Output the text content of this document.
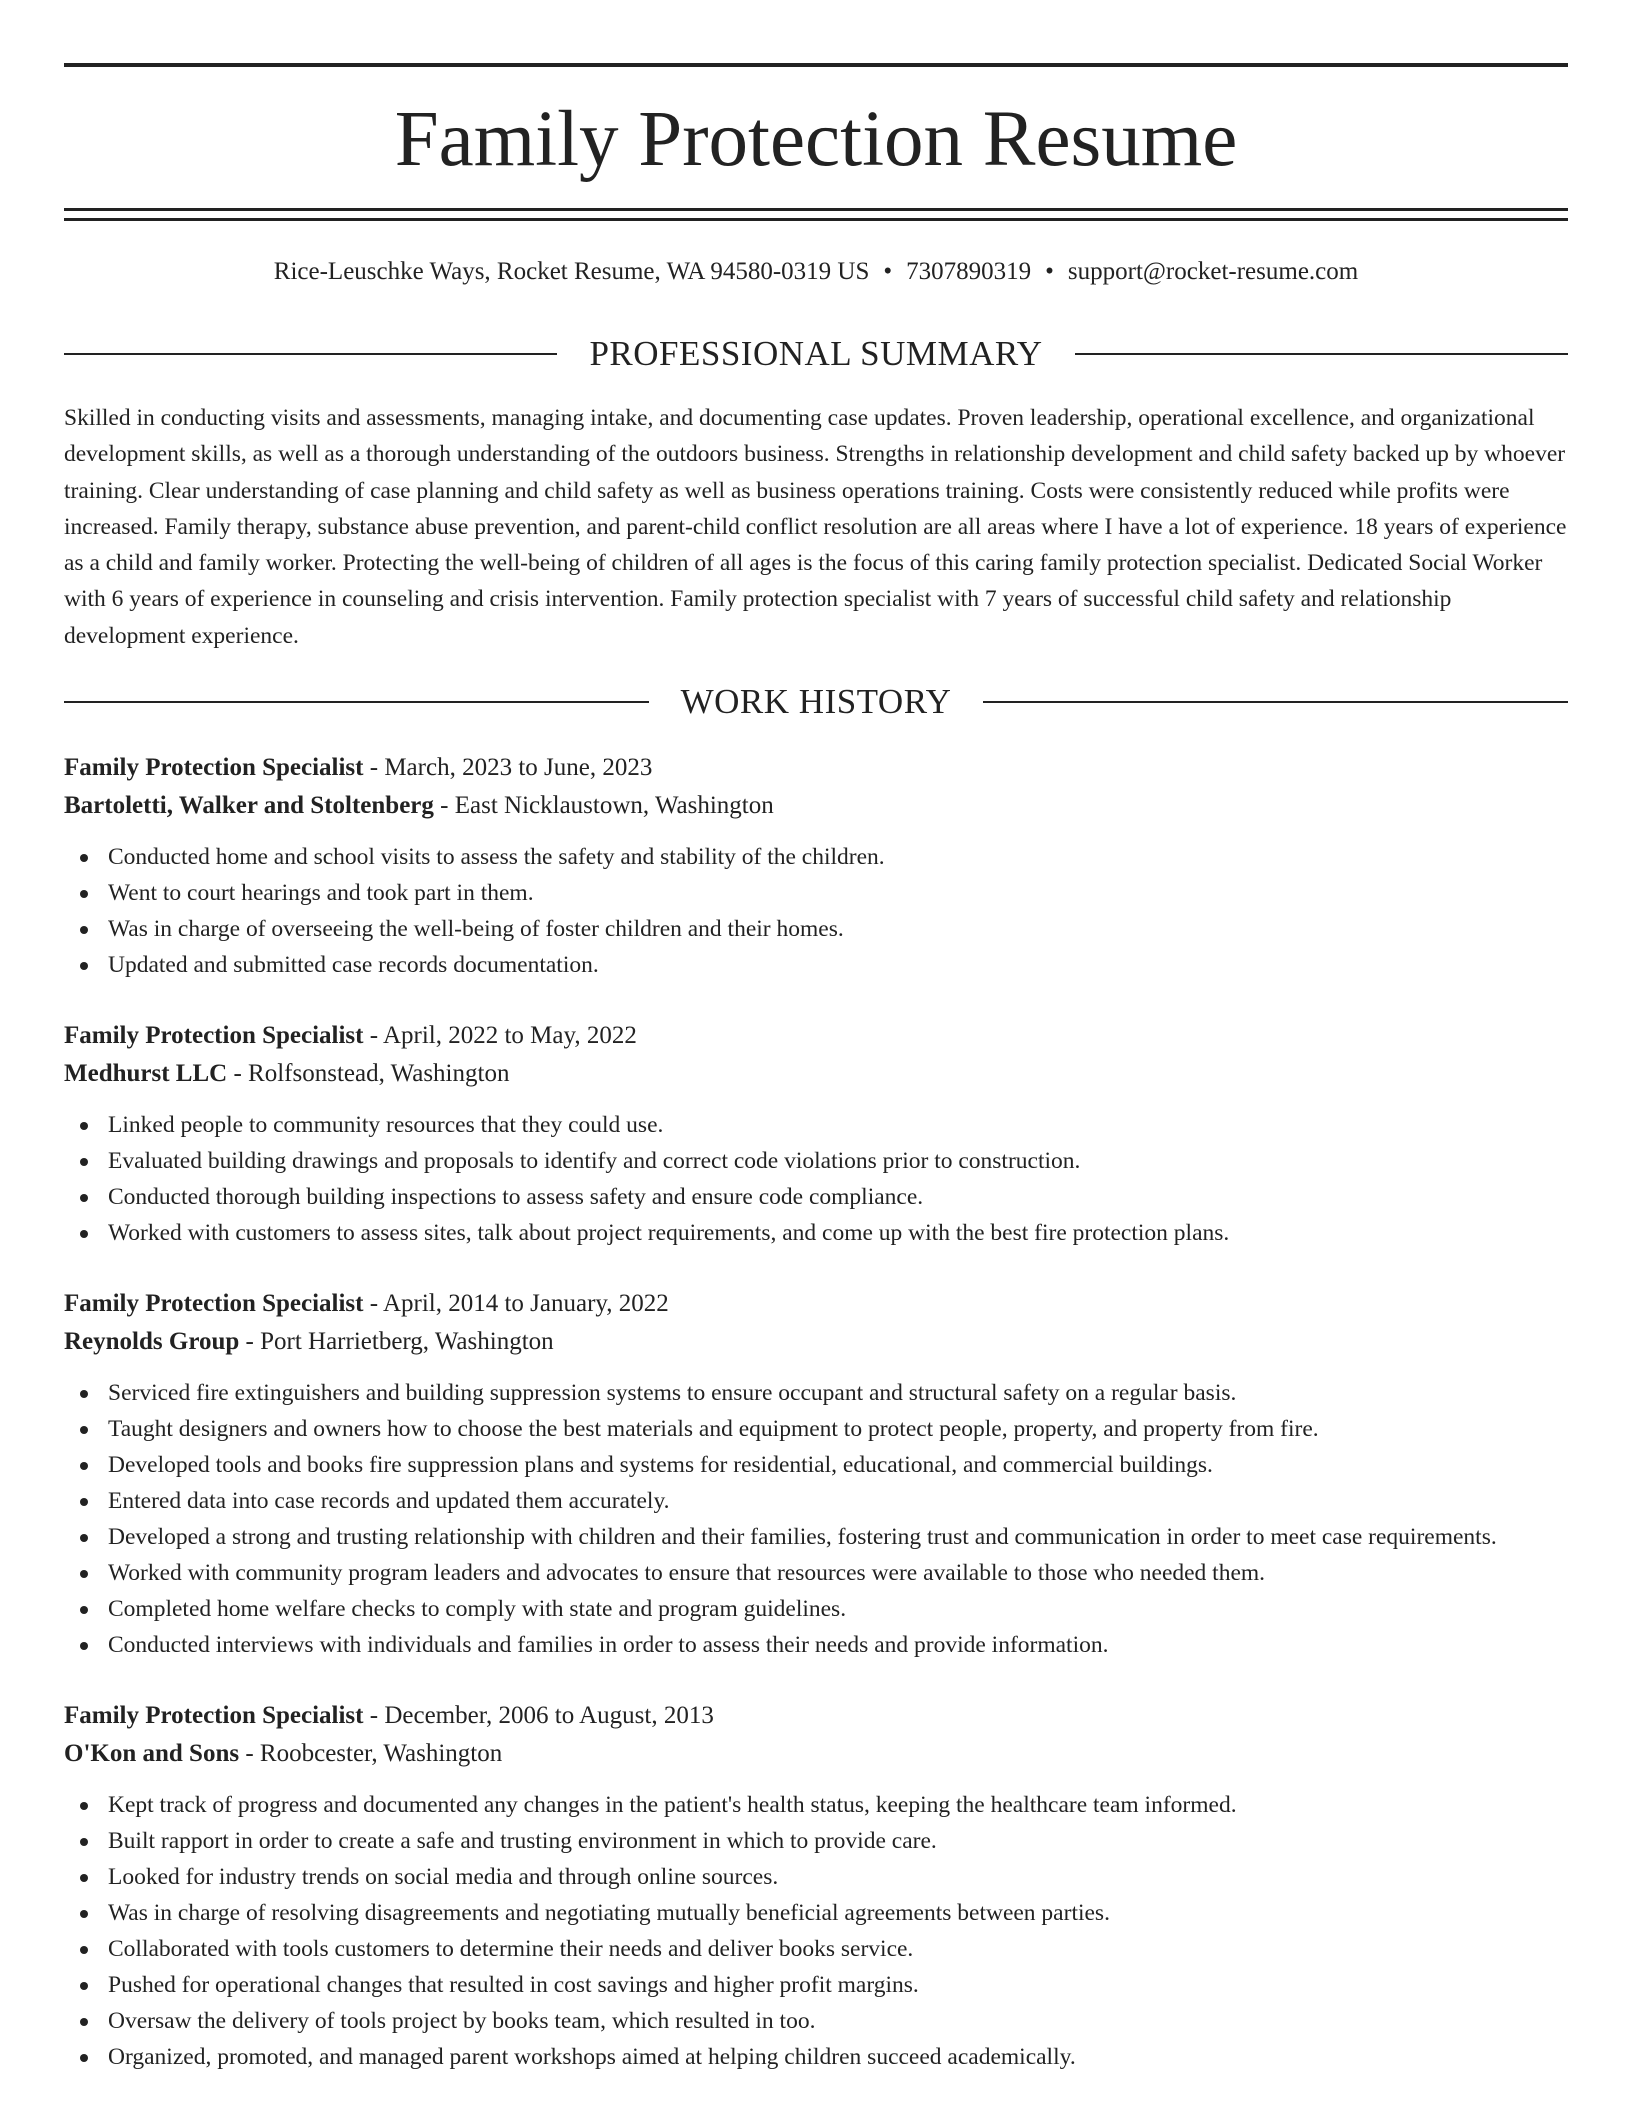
Family Protection Resume
Rice-Leuschke Ways, Rocket Resume, WA 94580-0319 US • 7307890319 • support@rocket-resume.com
PROFESSIONAL SUMMARY

Skilled in conducting visits and assessments, managing intake, and documenting case updates. Proven leadership, operational excellence, and organizational development skills, as well as a thorough understanding of the outdoors business. Strengths in relationship development and child safety backed up by whoever training. Clear understanding of case planning and child safety as well as business operations training. Costs were consistently reduced while profits were increased. Family therapy, substance abuse prevention, and parent-child conflict resolution are all areas where I have a lot of experience. 18 years of experience as a child and family worker. Protecting the well-being of children of all ages is the focus of this caring family protection specialist. Dedicated Social Worker with 6 years of experience in counseling and crisis intervention. Family protection specialist with 7 years of successful child safety and relationship development experience.

WORK HISTORY
Family Protection Specialist - March, 2023 to June, 2023
Bartoletti, Walker and Stoltenberg - East Nicklaustown, Washington
Conducted home and school visits to assess the safety and stability of the children.
Went to court hearings and took part in them.
Was in charge of overseeing the well-being of foster children and their homes.
Updated and submitted case records documentation.
Family Protection Specialist - April, 2022 to May, 2022
Medhurst LLC - Rolfsonstead, Washington
Linked people to community resources that they could use.
Evaluated building drawings and proposals to identify and correct code violations prior to construction.
Conducted thorough building inspections to assess safety and ensure code compliance.
Worked with customers to assess sites, talk about project requirements, and come up with the best fire protection plans.
Family Protection Specialist - April, 2014 to January, 2022
Reynolds Group - Port Harrietberg, Washington
Serviced fire extinguishers and building suppression systems to ensure occupant and structural safety on a regular basis.
Taught designers and owners how to choose the best materials and equipment to protect people, property, and property from fire.
Developed tools and books fire suppression plans and systems for residential, educational, and commercial buildings.
Entered data into case records and updated them accurately.
Developed a strong and trusting relationship with children and their families, fostering trust and communication in order to meet case requirements.
Worked with community program leaders and advocates to ensure that resources were available to those who needed them.
Completed home welfare checks to comply with state and program guidelines.
Conducted interviews with individuals and families in order to assess their needs and provide information.
Family Protection Specialist - December, 2006 to August, 2013
O'Kon and Sons - Roobcester, Washington
Kept track of progress and documented any changes in the patient's health status, keeping the healthcare team informed.
Built rapport in order to create a safe and trusting environment in which to provide care.
Looked for industry trends on social media and through online sources.
Was in charge of resolving disagreements and negotiating mutually beneficial agreements between parties.
Collaborated with tools customers to determine their needs and deliver books service.
Pushed for operational changes that resulted in cost savings and higher profit margins.
Oversaw the delivery of tools project by books team, which resulted in too.
Organized, promoted, and managed parent workshops aimed at helping children succeed academically.
